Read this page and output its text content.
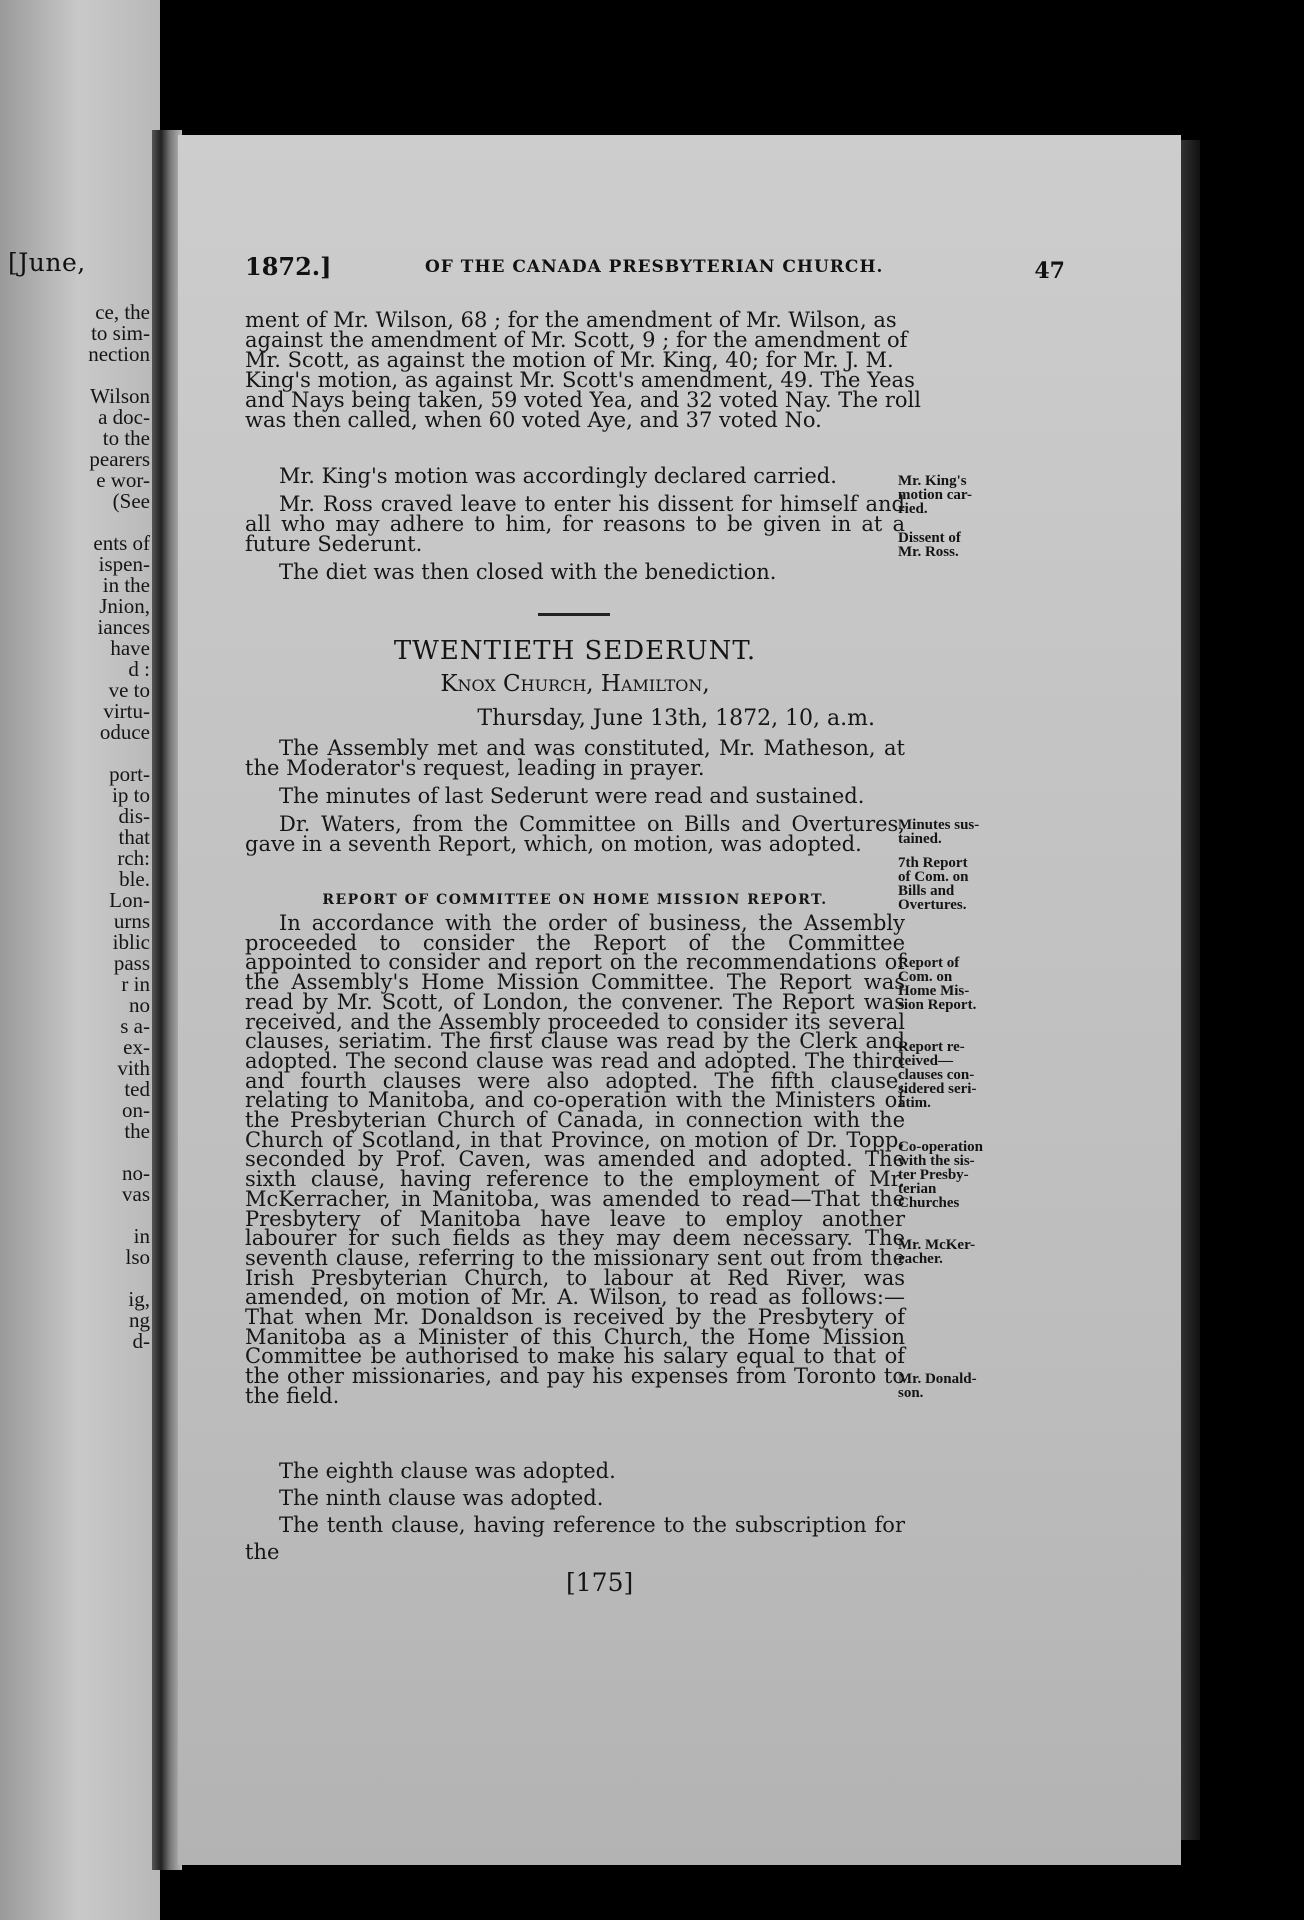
[June,
ce, the
to sim-
nection
Wilson
a doc-
to the
pearers
e wor-
(See
ents of
ispen-
in the
Jnion,
iances
have
d :
ve to
virtu-
oduce
port-
ip to
dis-
that
rch:
ble.
Lon-
urns
iblic
pass
r in
no
s a-
ex-
vith
ted
on-
the
no-
vas
in
lso
ig,
ng
d-
1872.]	OF THE CANADA PRESBYTERIAN CHURCH.	47
ment of Mr. Wilson, 68 ; for the amendment of Mr. Wilson, as
against the amendment of Mr. Scott, 9 ; for the amendment of
Mr. Scott, as against the motion of Mr. King, 40; for Mr. J. M.
King's motion, as against Mr. Scott's amendment, 49. The Yeas
and Nays being taken, 59 voted Yea, and 32 voted Nay. The roll
was then called, when 60 voted Aye, and 37 voted No.

Mr. King's motion was accordingly declared carried.

Mr. Ross craved leave to enter his dissent for himself and all who may adhere to him, for reasons to be given in at a future Sederunt.

The diet was then closed with the benediction.

TWENTIETH SEDERUNT.
Knox Church, Hamilton,
Thursday, June 13th, 1872, 10, a.m.

The Assembly met and was constituted, Mr. Matheson, at the Moderator's request, leading in prayer.

The minutes of last Sederunt were read and sustained.

Dr. Waters, from the Committee on Bills and Overtures, gave in a seventh Report, which, on motion, was adopted.

REPORT OF COMMITTEE ON HOME MISSION REPORT.

In accordance with the order of business, the Assembly proceeded to consider the Report of the Committee appointed to consider and report on the recommendations of the Assembly's Home Mission Committee. The Report was read by Mr. Scott, of London, the convener. The Report was received, and the Assembly proceeded to consider its several clauses, seriatim. The first clause was read by the Clerk and adopted. The second clause was read and adopted. The third and fourth clauses were also adopted. The fifth clause, relating to Manitoba, and co-operation with the Ministers of the Presbyterian Church of Canada, in connection with the Church of Scotland, in that Province, on motion of Dr. Topp, seconded by Prof. Caven, was amended and adopted. The sixth clause, having reference to the employment of Mr. McKerracher, in Manitoba, was amended to read—That the Presbytery of Manitoba have leave to employ another labourer for such fields as they may deem necessary. The seventh clause, referring to the missionary sent out from the Irish Presbyterian Church, to labour at Red River, was amended, on motion of Mr. A. Wilson, to read as follows:—That when Mr. Donaldson is received by the Presbytery of Manitoba as a Minister of this Church, the Home Mission Committee be authorised to make his salary equal to that of the other missionaries, and pay his expenses from Toronto to the field.

The eighth clause was adopted.

The ninth clause was adopted.

The tenth clause, having reference to the subscription for the

[175]
Mr. King's
motion car-
ried.
Dissent of
Mr. Ross.
Minutes sus-
tained.
7th Report
of Com. on
Bills and
Overtures.
Report of
Com. on
Home Mis-
sion Report.
Report re-
ceived—
clauses con-
sidered seri-
atim.
Co-operation
with the sis-
ter Presby-
terian
Churches
Mr. McKer-
racher.
Mr. Donald-
son.
